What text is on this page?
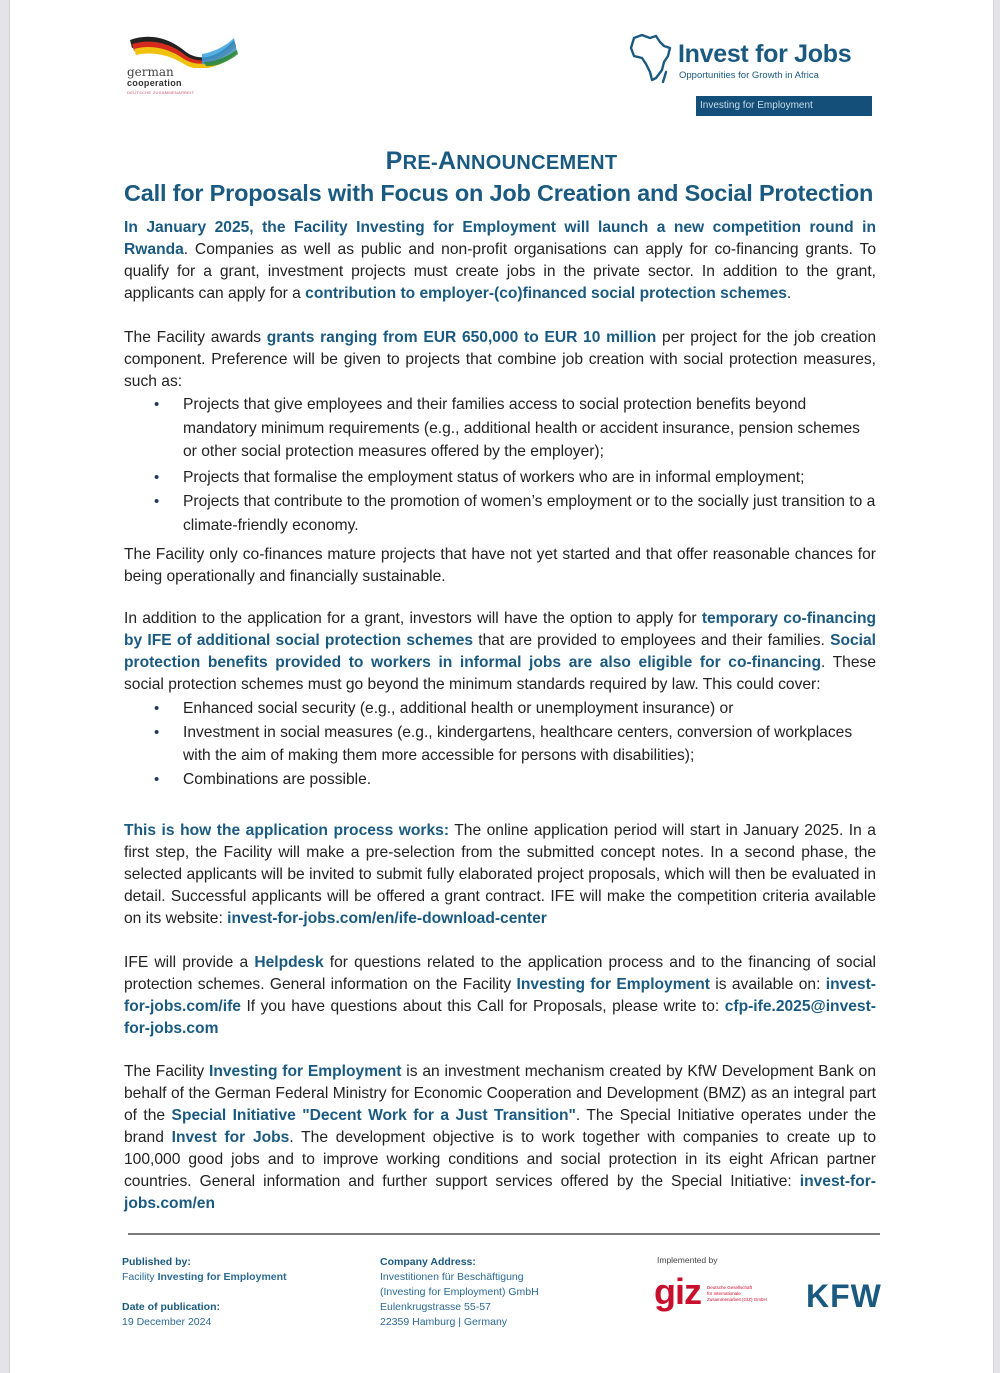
german
cooperation
DEUTSCHE ZUSAMMENARBEIT
Invest for Jobs
Opportunities for Growth in Africa
Investing for Employment
PRE-ANNOUNCEMENT
Call for Proposals with Focus on Job Creation and Social Protection

In January 2025, the Facility Investing for Employment will launch a new competition round in Rwanda. Companies as well as public and non-profit organisations can apply for co-financing grants. To qualify for a grant, investment projects must create jobs in the private sector. In addition to the grant, applicants can apply for a contribution to employer-(co)financed social protection schemes.

The Facility awards grants ranging from EUR 650,000 to EUR 10 million per project for the job creation component. Preference will be given to projects that combine job creation with social protection measures, such as:

• Projects that give employees and their families access to social protection benefits beyond mandatory minimum requirements (e.g., additional health or accident insurance, pension schemes or other social protection measures offered by the employer);
• Projects that formalise the employment status of workers who are in informal employment;
• Projects that contribute to the promotion of women’s employment or to the socially just transition to a climate-friendly economy.

The Facility only co-finances mature projects that have not yet started and that offer reasonable chances for being operationally and financially sustainable.

In addition to the application for a grant, investors will have the option to apply for temporary co-financing by IFE of additional social protection schemes that are provided to employees and their families. Social protection benefits provided to workers in informal jobs are also eligible for co-financing. These social protection schemes must go beyond the minimum standards required by law. This could cover:

• Enhanced social security (e.g., additional health or unemployment insurance) or
• Investment in social measures (e.g., kindergartens, healthcare centers, conversion of workplaces with the aim of making them more accessible for persons with disabilities);
• Combinations are possible.

This is how the application process works: The online application period will start in January 2025. In a first step, the Facility will make a pre-selection from the submitted concept notes. In a second phase, the selected applicants will be invited to submit fully elaborated project proposals, which will then be evaluated in detail. Successful applicants will be offered a grant contract. IFE will make the competition criteria available on its website: invest-for-jobs.com/en/ife-download-center

IFE will provide a Helpdesk for questions related to the application process and to the financing of social protection schemes. General information on the Facility Investing for Employment is available on: invest-for-jobs.com/ife If you have questions about this Call for Proposals, please write to: cfp-ife.2025@invest-for-jobs.com

The Facility Investing for Employment is an investment mechanism created by KfW Development Bank on behalf of the German Federal Ministry for Economic Cooperation and Development (BMZ) as an integral part of the Special Initiative "Decent Work for a Just Transition". The Special Initiative operates under the brand Invest for Jobs. The development objective is to work together with companies to create up to 100,000 good jobs and to improve working conditions and social protection in its eight African partner countries. General information and further support services offered by the Special Initiative: invest-for-jobs.com/en

Published by:
Facility Investing for Employment
Date of publication:
19 December 2024
Company Address:
Investitionen für Beschäftigung
(Investing for Employment) GmbH
Eulenkrugstrasse 55-57
22359 Hamburg | Germany
Implemented by
giz Deutsche Gesellschaft
für Internationale
Zusammenarbeit (GIZ) GmbH KFW
